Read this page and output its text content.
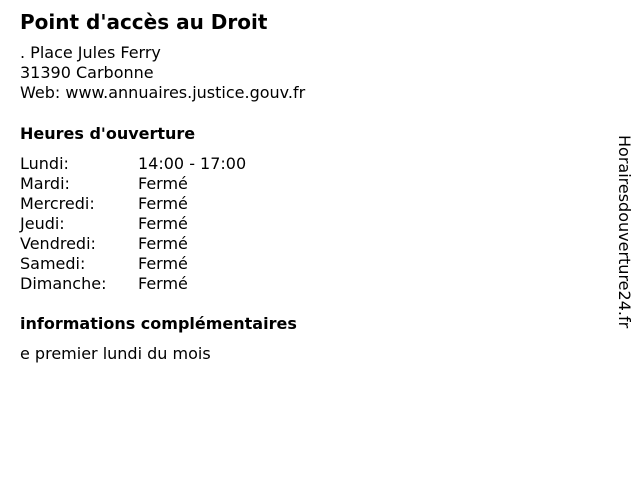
Point d'accès au Droit
. Place Jules Ferry
31390 Carbonne
Web: www.annuaires.justice.gouv.fr
Heures d'ouverture
Lundi:	14:00 - 17:00
Mardi:	Fermé
Mercredi:	Fermé
Jeudi:	Fermé
Vendredi:	Fermé
Samedi:	Fermé
Dimanche: Fermé
informations complémentaires
e premier lundi du mois
Horairesdouverture24.fr
